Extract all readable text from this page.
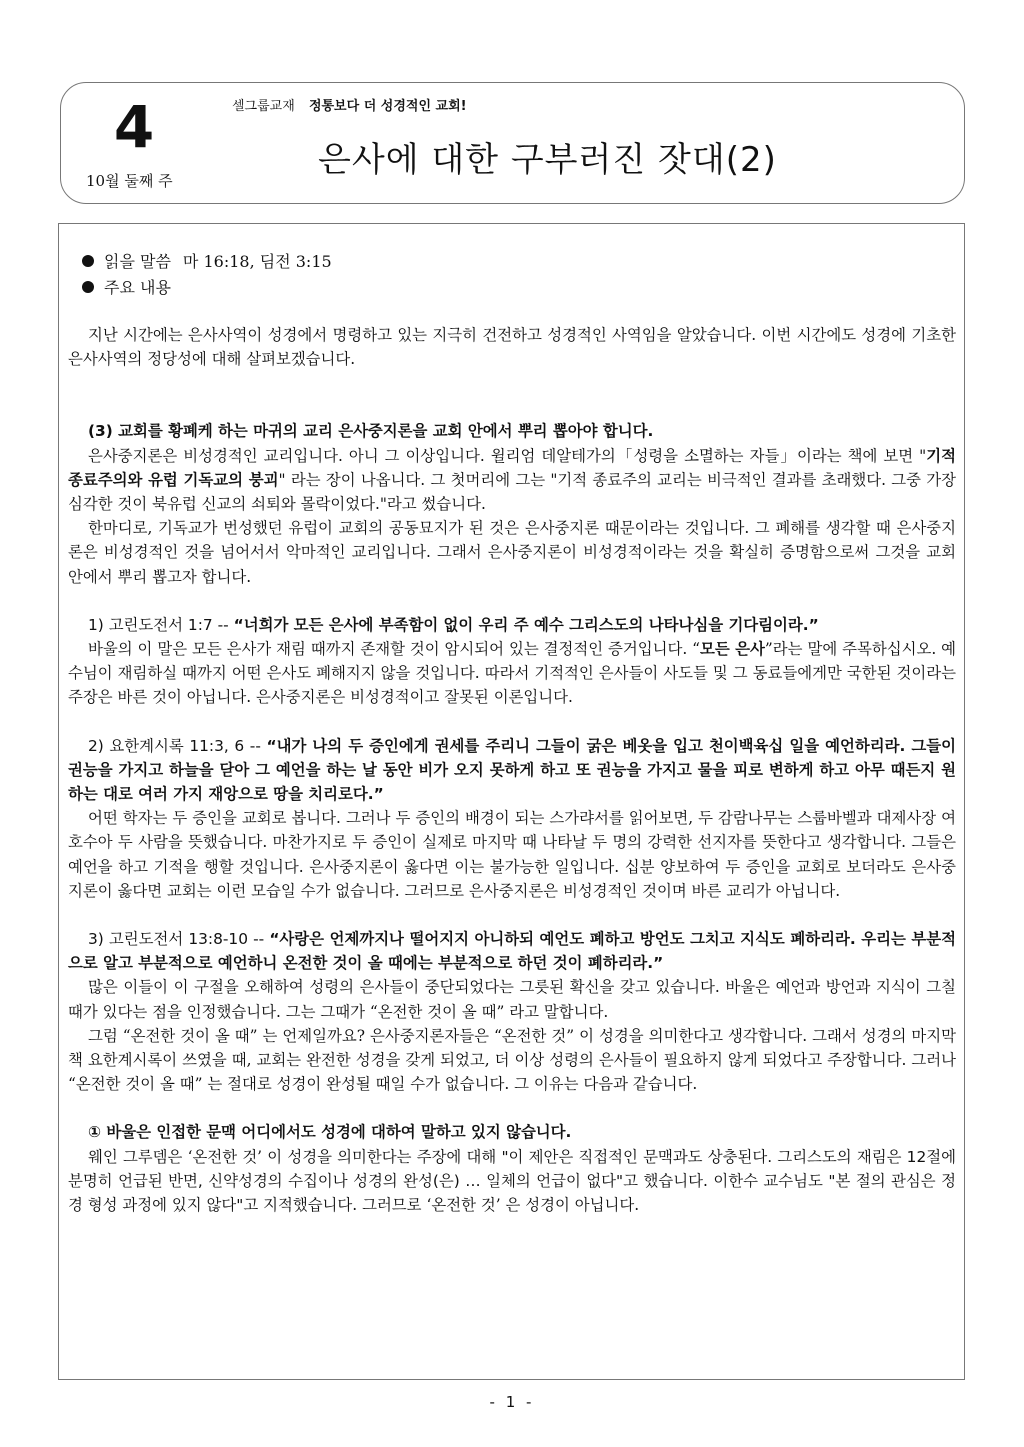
4
10월 둘째 주
셀그룹교재 정통보다 더 성경적인 교회!
은사에 대한 구부러진 잣대(2)
읽을 말씀 마 16:18, 딤전 3:15
주요 내용

지난 시간에는 은사사역이 성경에서 명령하고 있는 지극히 건전하고 성경적인 사역임을 알았습니다. 이번 시간에도 성경에 기초한 은사사역의 정당성에 대해 살펴보겠습니다.

(3) 교회를 황폐케 하는 마귀의 교리 은사중지론을 교회 안에서 뿌리 뽑아야 합니다.

은사중지론은 비성경적인 교리입니다. 아니 그 이상입니다. 윌리엄 데알테가의「성령을 소멸하는 자들」이라는 책에 보면 "기적 종료주의와 유럽 기독교의 붕괴" 라는 장이 나옵니다. 그 첫머리에 그는 "기적 종료주의 교리는 비극적인 결과를 초래했다. 그중 가장 심각한 것이 북유럽 신교의 쇠퇴와 몰락이었다."라고 썼습니다.

한마디로, 기독교가 번성했던 유럽이 교회의 공동묘지가 된 것은 은사중지론 때문이라는 것입니다. 그 폐해를 생각할 때 은사중지론은 비성경적인 것을 넘어서서 악마적인 교리입니다. 그래서 은사중지론이 비성경적이라는 것을 확실히 증명함으로써 그것을 교회 안에서 뿌리 뽑고자 합니다.

1) 고린도전서 1:7 -- “너희가 모든 은사에 부족함이 없이 우리 주 예수 그리스도의 나타나심을 기다림이라.”

바울의 이 말은 모든 은사가 재림 때까지 존재할 것이 암시되어 있는 결정적인 증거입니다. “모든 은사”라는 말에 주목하십시오. 예수님이 재림하실 때까지 어떤 은사도 폐해지지 않을 것입니다. 따라서 기적적인 은사들이 사도들 및 그 동료들에게만 국한된 것이라는 주장은 바른 것이 아닙니다. 은사중지론은 비성경적이고 잘못된 이론입니다.

2) 요한계시록 11:3, 6 -- “내가 나의 두 증인에게 권세를 주리니 그들이 굵은 베옷을 입고 천이백육십 일을 예언하리라. 그들이 권능을 가지고 하늘을 닫아 그 예언을 하는 날 동안 비가 오지 못하게 하고 또 권능을 가지고 물을 피로 변하게 하고 아무 때든지 원하는 대로 여러 가지 재앙으로 땅을 치리로다.”

어떤 학자는 두 증인을 교회로 봅니다. 그러나 두 증인의 배경이 되는 스가랴서를 읽어보면, 두 감람나무는 스룹바벨과 대제사장 여호수아 두 사람을 뜻했습니다. 마찬가지로 두 증인이 실제로 마지막 때 나타날 두 명의 강력한 선지자를 뜻한다고 생각합니다. 그들은 예언을 하고 기적을 행할 것입니다. 은사중지론이 옳다면 이는 불가능한 일입니다. 십분 양보하여 두 증인을 교회로 보더라도 은사중지론이 옳다면 교회는 이런 모습일 수가 없습니다. 그러므로 은사중지론은 비성경적인 것이며 바른 교리가 아닙니다.

3) 고린도전서 13:8-10 -- “사랑은 언제까지나 떨어지지 아니하되 예언도 폐하고 방언도 그치고 지식도 폐하리라. 우리는 부분적으로 알고 부분적으로 예언하니 온전한 것이 올 때에는 부분적으로 하던 것이 폐하리라.”

많은 이들이 이 구절을 오해하여 성령의 은사들이 중단되었다는 그릇된 확신을 갖고 있습니다. 바울은 예언과 방언과 지식이 그칠 때가 있다는 점을 인정했습니다. 그는 그때가 “온전한 것이 올 때” 라고 말합니다.

그럼 “온전한 것이 올 때” 는 언제일까요? 은사중지론자들은 “온전한 것” 이 성경을 의미한다고 생각합니다. 그래서 성경의 마지막 책 요한계시록이 쓰였을 때, 교회는 완전한 성경을 갖게 되었고, 더 이상 성령의 은사들이 필요하지 않게 되었다고 주장합니다. 그러나 “온전한 것이 올 때” 는 절대로 성경이 완성될 때일 수가 없습니다. 그 이유는 다음과 같습니다.

① 바울은 인접한 문맥 어디에서도 성경에 대하여 말하고 있지 않습니다.

웨인 그루뎀은 ‘온전한 것’ 이 성경을 의미한다는 주장에 대해 "이 제안은 직접적인 문맥과도 상충된다. 그리스도의 재림은 12절에 분명히 언급된 반면, 신약성경의 수집이나 성경의 완성(은) … 일체의 언급이 없다"고 했습니다. 이한수 교수님도 "본 절의 관심은 정경 형성 과정에 있지 않다"고 지적했습니다. 그러므로 ‘온전한 것’ 은 성경이 아닙니다.

- 1 -
